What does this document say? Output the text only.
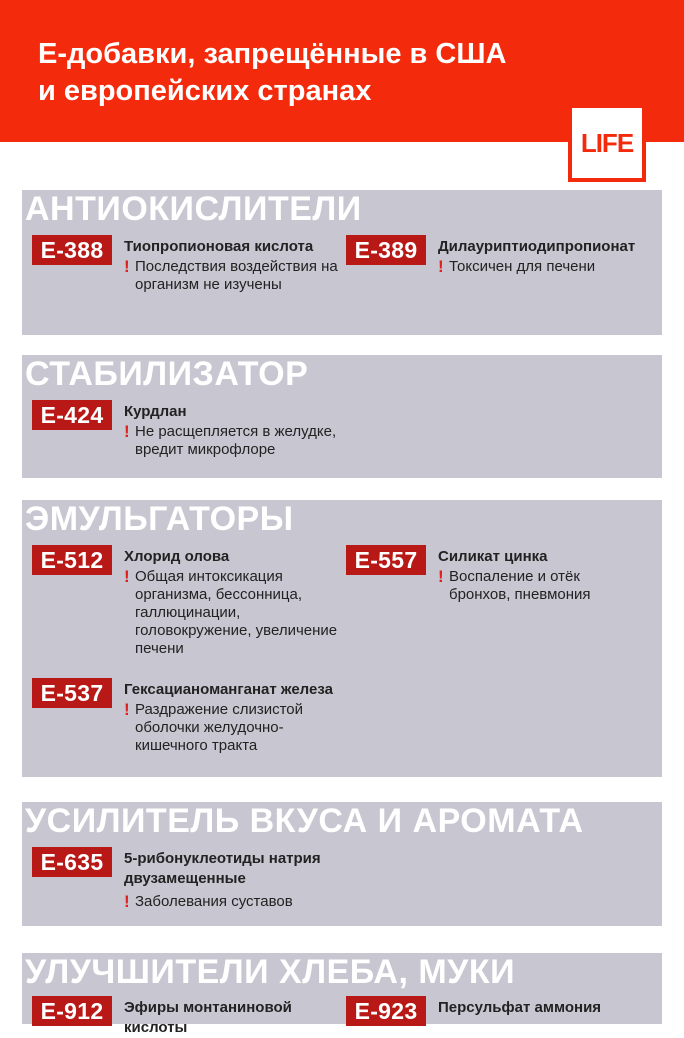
Е-добавки, запрещённые в США
и европейских странах
LIFE
АНТИОКИСЛИТЕЛИ
Е-388	Тиопропионовая кислота
! Последствия воздействия на организм не изучены
Е-389	Дилауриптиодипропионат
! Токсичен для печени
СТАБИЛИЗАТОР
Е-424	Курдлан
! Не расщепляется в желудке, вредит микрофлоре
ЭМУЛЬГАТОРЫ
Е-512	Хлорид олова
! Общая интоксикация организма, бессонница, галлюцинации, головокружение, увеличение печени
Е-557	Силикат цинка
! Воспаление и отёк бронхов, пневмония
Е-537	Гексацианоманганат железа
! Раздражение слизистой оболочки желудочно-кишечного тракта
УСИЛИТЕЛЬ ВКУСА И АРОМАТА
Е-635	5-рибонуклеотиды натрия двузамещенные
! Заболевания суставов
УЛУЧШИТЕЛИ ХЛЕБА, МУКИ
Е-912	Эфиры монтаниновой кислоты
Е-923	Персульфат аммония
